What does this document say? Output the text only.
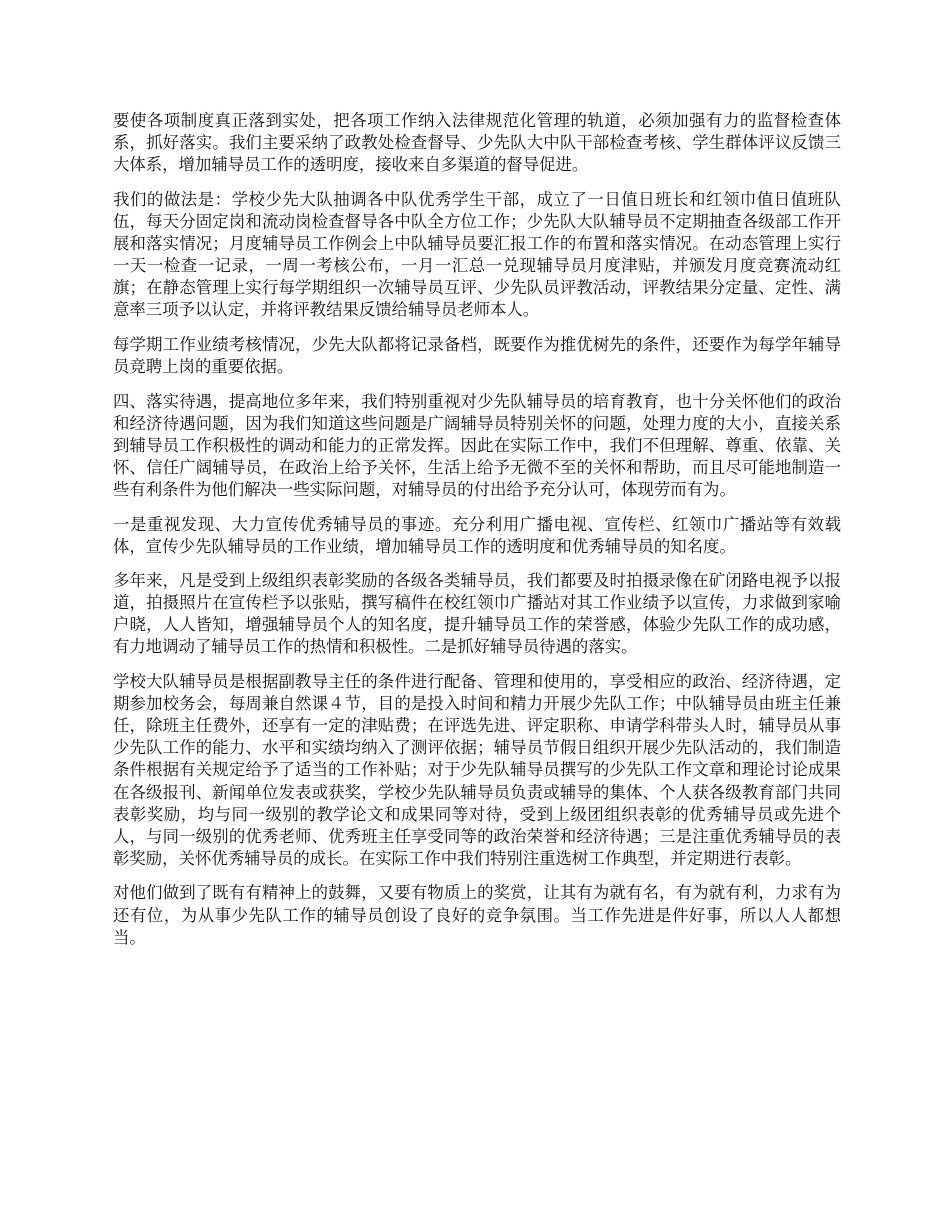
要使各项制度真正落到实处，把各项工作纳入法律规范化管理的轨道，必须加强有力的监督检查体系，抓好落实。我们主要采纳了政教处检查督导、少先队大中队干部检查考核、学生群体评议反馈三大体系，增加辅导员工作的透明度，接收来自多渠道的督导促进。

我们的做法是：学校少先大队抽调各中队优秀学生干部，成立了一日值日班长和红领巾值日值班队伍，每天分固定岗和流动岗检查督导各中队全方位工作；少先队大队辅导员不定期抽查各级部工作开展和落实情况；月度辅导员工作例会上中队辅导员要汇报工作的布置和落实情况。在动态管理上实行一天一检查一记录，一周一考核公布，一月一汇总一兑现辅导员月度津贴，并颁发月度竞赛流动红旗；在静态管理上实行每学期组织一次辅导员互评、少先队员评教活动，评教结果分定量、定性、满意率三项予以认定，并将评教结果反馈给辅导员老师本人。

每学期工作业绩考核情况，少先大队都将记录备档，既要作为推优树先的条件，还要作为每学年辅导员竞聘上岗的重要依据。

四、落实待遇，提高地位多年来，我们特别重视对少先队辅导员的培育教育，也十分关怀他们的政治和经济待遇问题，因为我们知道这些问题是广阔辅导员特别关怀的问题，处理力度的大小，直接关系到辅导员工作积极性的调动和能力的正常发挥。因此在实际工作中，我们不但理解、尊重、依靠、关怀、信任广阔辅导员，在政治上给予关怀，生活上给予无微不至的关怀和帮助，而且尽可能地制造一些有利条件为他们解决一些实际问题，对辅导员的付出给予充分认可，体现劳而有为。

一是重视发现、大力宣传优秀辅导员的事迹。充分利用广播电视、宣传栏、红领巾广播站等有效载体，宣传少先队辅导员的工作业绩，增加辅导员工作的透明度和优秀辅导员的知名度。

多年来，凡是受到上级组织表彰奖励的各级各类辅导员，我们都要及时拍摄录像在矿闭路电视予以报道，拍摄照片在宣传栏予以张贴，撰写稿件在校红领巾广播站对其工作业绩予以宣传，力求做到家喻户晓，人人皆知，增强辅导员个人的知名度，提升辅导员工作的荣誉感，体验少先队工作的成功感，有力地调动了辅导员工作的热情和积极性。二是抓好辅导员待遇的落实。

学校大队辅导员是根据副教导主任的条件进行配备、管理和使用的，享受相应的政治、经济待遇，定期参加校务会，每周兼自然课４节，目的是投入时间和精力开展少先队工作；中队辅导员由班主任兼任，除班主任费外，还享有一定的津贴费；在评选先进、评定职称、申请学科带头人时，辅导员从事少先队工作的能力、水平和实绩均纳入了测评依据；辅导员节假日组织开展少先队活动的，我们制造条件根据有关规定给予了适当的工作补贴；对于少先队辅导员撰写的少先队工作文章和理论讨论成果在各级报刊、新闻单位发表或获奖，学校少先队辅导员负责或辅导的集体、个人获各级教育部门共同表彰奖励，均与同一级别的教学论文和成果同等对待，受到上级团组织表彰的优秀辅导员或先进个人，与同一级别的优秀老师、优秀班主任享受同等的政治荣誉和经济待遇；三是注重优秀辅导员的表彰奖励，关怀优秀辅导员的成长。在实际工作中我们特别注重选树工作典型，并定期进行表彰。

对他们做到了既有有精神上的鼓舞，又要有物质上的奖赏，让其有为就有名，有为就有利，力求有为还有位，为从事少先队工作的辅导员创设了良好的竞争氛围。当工作先进是件好事，所以人人都想当。
